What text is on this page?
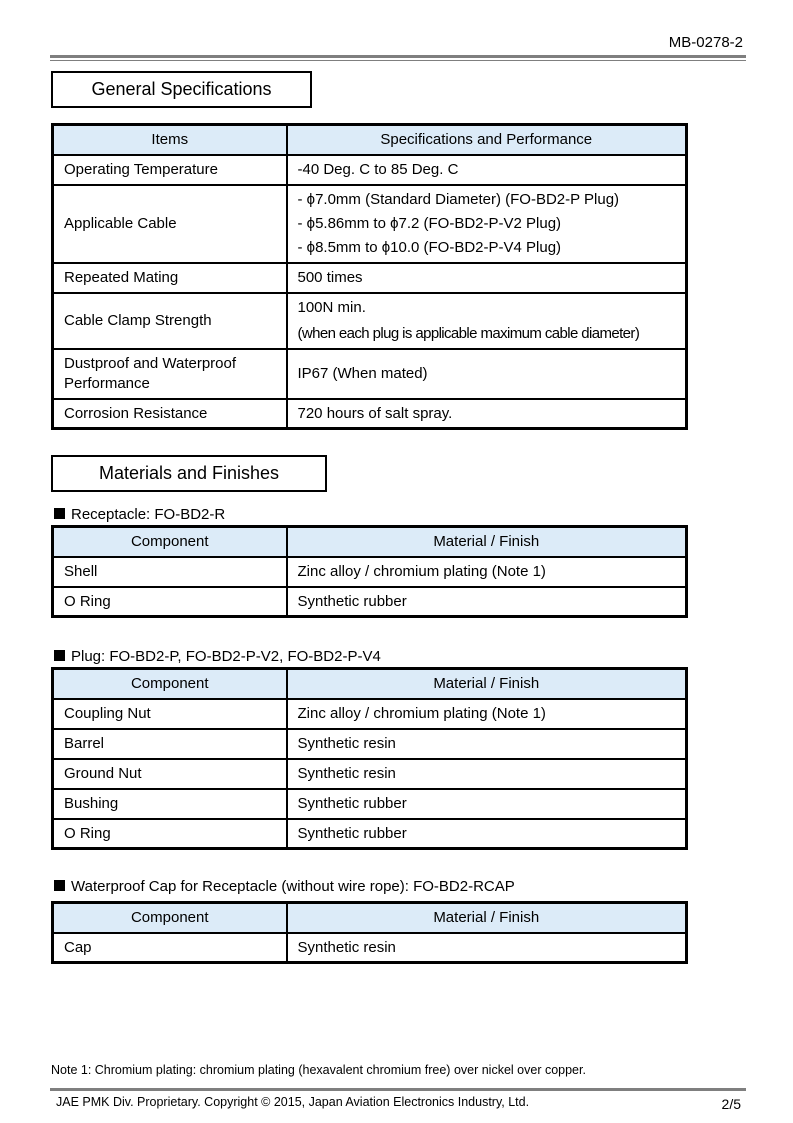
MB-0278-2
General Specifications
Items	Specifications and Performance
Operating Temperature	-40 Deg. C to 85 Deg. C
Applicable Cable	- ϕ7.0mm (Standard Diameter) (FO-BD2-P Plug)
- ϕ5.86mm to ϕ7.2 (FO-BD2-P-V2 Plug)
- ϕ8.5mm to ϕ10.0 (FO-BD2-P-V4 Plug)

Repeated Mating	500 times
Cable Clamp Strength	100N min.
(when each plug is applicable maximum cable diameter)

Dustproof and Waterproof Performance	IP67 (When mated)
Corrosion Resistance	720 hours of salt spray.
Materials and Finishes
Receptacle: FO-BD2-R
Component	Material / Finish
Shell	Zinc alloy / chromium plating (Note 1)
O Ring	Synthetic rubber
Plug: FO-BD2-P, FO-BD2-P-V2, FO-BD2-P-V4
Component	Material / Finish
Coupling Nut	Zinc alloy / chromium plating (Note 1)
Barrel	Synthetic resin
Ground Nut	Synthetic resin
Bushing	Synthetic rubber
O Ring	Synthetic rubber
Waterproof Cap for Receptacle (without wire rope): FO-BD2-RCAP
Component	Material / Finish
Cap	Synthetic resin
Note 1: Chromium plating: chromium plating (hexavalent chromium free) over nickel over copper.
JAE PMK Div. Proprietary. Copyright © 2015, Japan Aviation Electronics Industry, Ltd.	2/5
